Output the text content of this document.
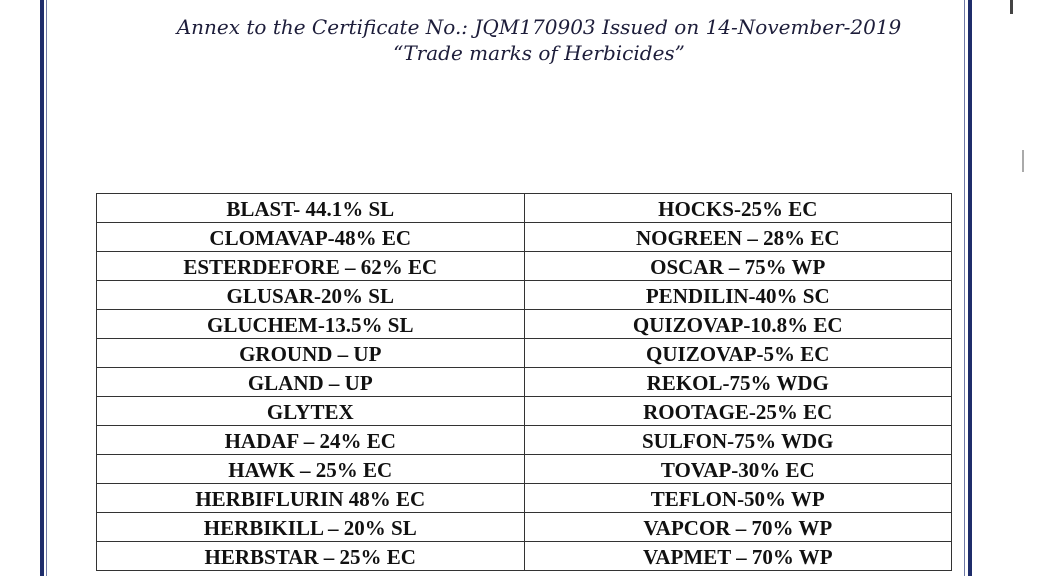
Annex to the Certificate No.: JQM170903 Issued on 14-November-2019
“Trade marks of Herbicides”
BLAST- 44.1% SL	HOCKS-25% EC
CLOMAVAP-48% EC	NOGREEN – 28% EC
ESTERDEFORE – 62% EC	OSCAR – 75% WP
GLUSAR-20% SL	PENDILIN-40% SC
GLUCHEM-13.5% SL	QUIZOVAP-10.8% EC
GROUND – UP	QUIZOVAP-5% EC
GLAND – UP	REKOL-75% WDG
GLYTEX	ROOTAGE-25% EC
HADAF – 24% EC	SULFON-75% WDG
HAWK – 25% EC	TOVAP-30% EC
HERBIFLURIN 48% EC	TEFLON-50% WP
HERBIKILL – 20% SL	VAPCOR – 70% WP
HERBSTAR – 25% EC	VAPMET – 70% WP
